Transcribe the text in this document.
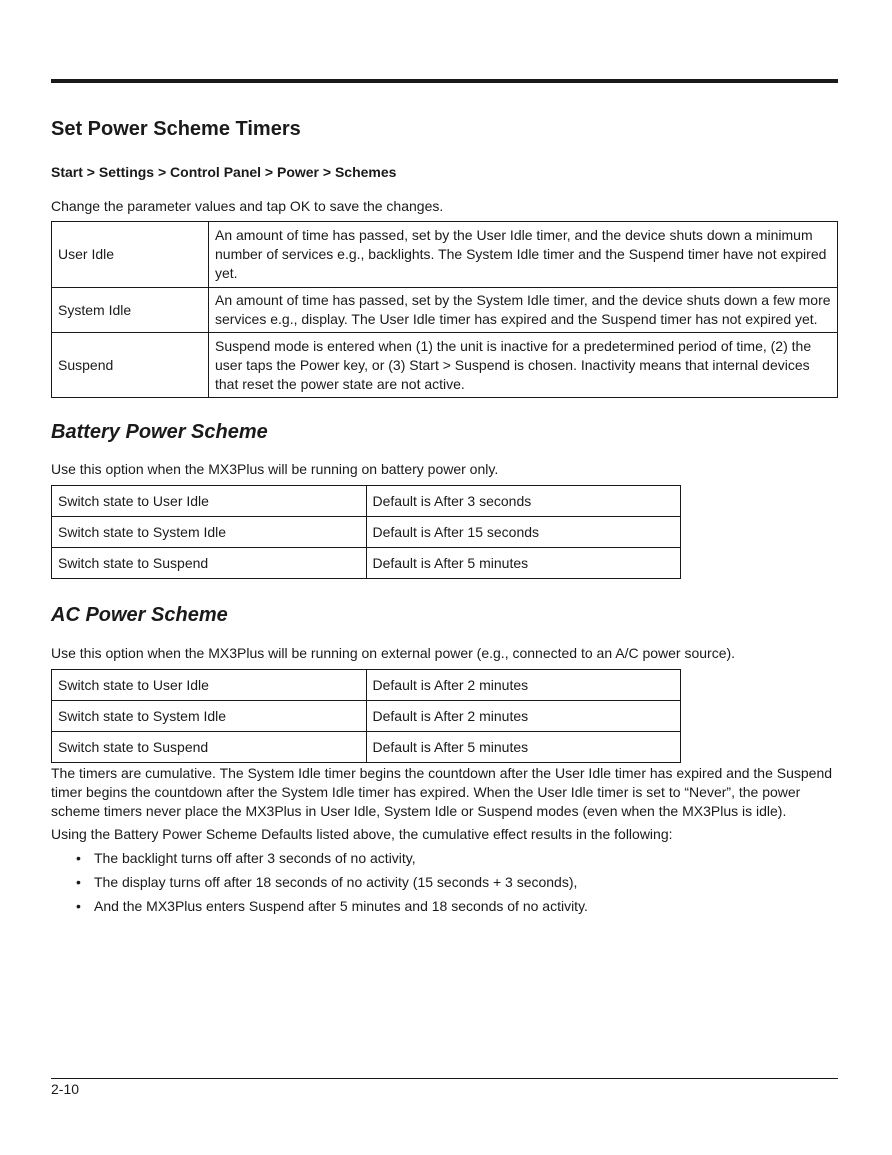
Set Power Scheme Timers
Start > Settings > Control Panel > Power > Schemes
Change the parameter values and tap OK to save the changes.
User Idle	An amount of time has passed, set by the User Idle timer, and the device shuts down a minimum number of services e.g., backlights. The System Idle timer and the Suspend timer have not expired yet.
System Idle	An amount of time has passed, set by the System Idle timer, and the device shuts down a few more services e.g., display. The User Idle timer has expired and the Suspend timer has not expired yet.
Suspend	Suspend mode is entered when (1) the unit is inactive for a predetermined period of time, (2) the user taps the Power key, or (3) Start > Suspend is chosen. Inactivity means that internal devices that reset the power state are not active.
Battery Power Scheme
Use this option when the MX3Plus will be running on battery power only.
Switch state to User Idle	Default is After 3 seconds
Switch state to System Idle	Default is After 15 seconds
Switch state to Suspend	Default is After 5 minutes
AC Power Scheme
Use this option when the MX3Plus will be running on external power (e.g., connected to an A/C power source).
Switch state to User Idle	Default is After 2 minutes
Switch state to System Idle	Default is After 2 minutes
Switch state to Suspend	Default is After 5 minutes
The timers are cumulative. The System Idle timer begins the countdown after the User Idle timer has expired and the Suspend timer begins the countdown after the System Idle timer has expired. When the User Idle timer is set to “Never”, the power scheme timers never place the MX3Plus in User Idle, System Idle or Suspend modes (even when the MX3Plus is idle).
Using the Battery Power Scheme Defaults listed above, the cumulative effect results in the following:
• The backlight turns off after 3 seconds of no activity,
• The display turns off after 18 seconds of no activity (15 seconds + 3 seconds),
• And the MX3Plus enters Suspend after 5 minutes and 18 seconds of no activity.
2-10
